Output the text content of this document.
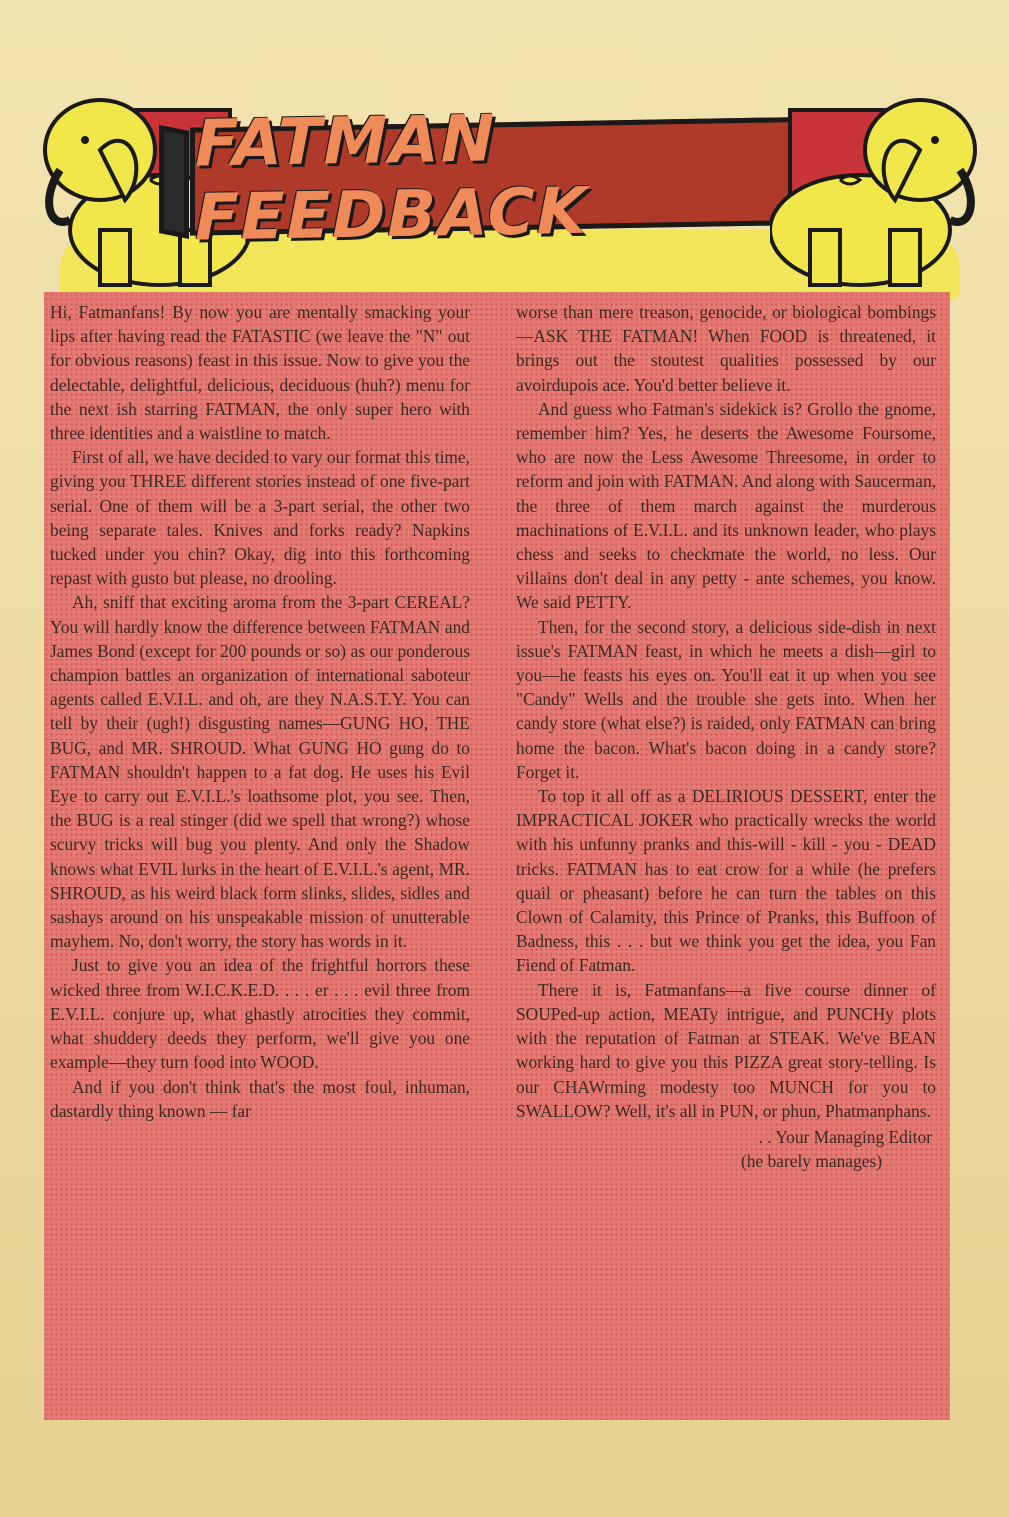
FATMAN FEEDBACK

Hi, Fatmanfans! By now you are mentally smacking your lips after having read the FATASTIC (we leave the "N" out for obvious reasons) feast in this issue. Now to give you the delectable, delightful, delicious, deciduous (huh?) menu for the next ish starring FATMAN, the only super hero with three identities and a waistline to match.

First of all, we have decided to vary our format this time, giving you THREE different stories instead of one five-part serial. One of them will be a 3-part serial, the other two being separate tales. Knives and forks ready? Napkins tucked under you chin? Okay, dig into this forthcoming repast with gusto but please, no drooling.

Ah, sniff that exciting aroma from the 3-part CEREAL? You will hardly know the difference between FATMAN and James Bond (except for 200 pounds or so) as our ponderous champion battles an organization of international saboteur agents called E.V.I.L. and oh, are they N.A.S.T.Y. You can tell by their (ugh!) disgusting names—GUNG HO, THE BUG, and MR. SHROUD. What GUNG HO gung do to FATMAN shouldn't happen to a fat dog. He uses his Evil Eye to carry out E.V.I.L.'s loathsome plot, you see. Then, the BUG is a real stinger (did we spell that wrong?) whose scurvy tricks will bug you plenty. And only the Shadow knows what EVIL lurks in the heart of E.V.I.L.'s agent, MR. SHROUD, as his weird black form slinks, slides, sidles and sashays around on his unspeakable mission of unutterable mayhem. No, don't worry, the story has words in it.

Just to give you an idea of the frightful horrors these wicked three from W.I.C.K.E.D. . . . er . . . evil three from E.V.I.L. conjure up, what ghastly atrocities they commit, what shuddery deeds they perform, we'll give you one example—they turn food into WOOD.

And if you don't think that's the most foul, inhuman, dastardly thing known — far

worse than mere treason, genocide, or biological bombings—ASK THE FATMAN! When FOOD is threatened, it brings out the stoutest qualities possessed by our avoirdupois ace. You'd better believe it.

And guess who Fatman's sidekick is? Grollo the gnome, remember him? Yes, he deserts the Awesome Foursome, who are now the Less Awesome Threesome, in order to reform and join with FATMAN. And along with Saucerman, the three of them march against the murderous machinations of E.V.I.L. and its unknown leader, who plays chess and seeks to checkmate the world, no less. Our villains don't deal in any petty - ante schemes, you know. We said PETTY.

Then, for the second story, a delicious side-dish in next issue's FATMAN feast, in which he meets a dish—girl to you—he feasts his eyes on. You'll eat it up when you see "Candy" Wells and the trouble she gets into. When her candy store (what else?) is raided, only FATMAN can bring home the bacon. What's bacon doing in a candy store? Forget it.

To top it all off as a DELIRIOUS DESSERT, enter the IMPRACTICAL JOKER who practically wrecks the world with his unfunny pranks and this-will - kill - you - DEAD tricks. FATMAN has to eat crow for a while (he prefers quail or pheasant) before he can turn the tables on this Clown of Calamity, this Prince of Pranks, this Buffoon of Badness, this . . . but we think you get the idea, you Fan Fiend of Fatman.

There it is, Fatmanfans—a five course dinner of SOUPed-up action, MEATy intrigue, and PUNCHy plots with the reputation of Fatman at STEAK. We've BEAN working hard to give you this PIZZA great story-telling. Is our CHAWrming modesty too MUNCH for you to SWALLOW? Well, it's all in PUN, or phun, Phatmanphans.

. . Your Managing Editor
(he barely manages)
